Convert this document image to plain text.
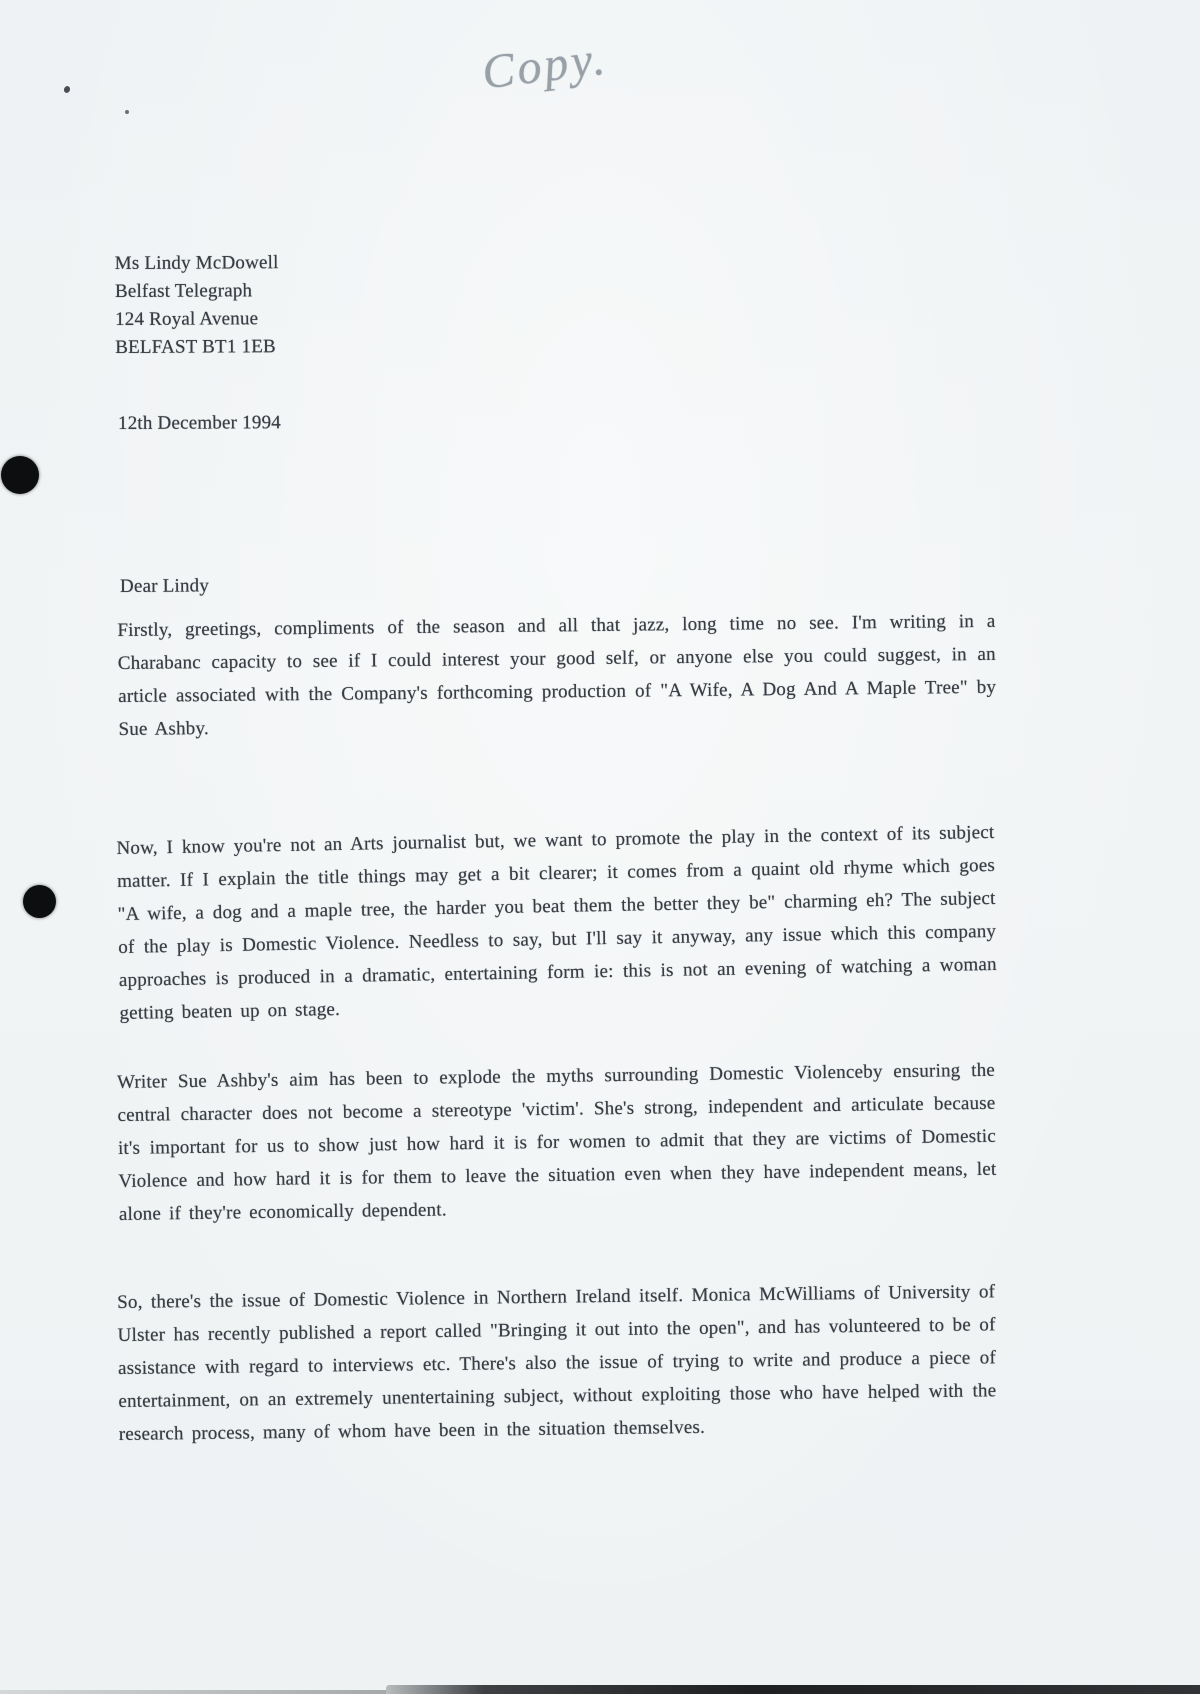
Copy.
Ms Lindy McDowell
Belfast Telegraph
124 Royal Avenue
BELFAST BT1 1EB
12th December 1994
Dear Lindy
Firstly, greetings, compliments of the season and all that jazz, long time no see. I'm writing in a Charabanc capacity to see if I could interest your good self, or anyone else you could suggest, in an article associated with the Company's forthcoming production of "A Wife, A Dog And A Maple Tree" by Sue Ashby.
Now, I know you're not an Arts journalist but, we want to promote the play in the context of its subject matter. If I explain the title things may get a bit clearer; it comes from a quaint old rhyme which goes "A wife, a dog and a maple tree, the harder you beat them the better they be" charming eh? The subject of the play is Domestic Violence. Needless to say, but I'll say it anyway, any issue which this company approaches is produced in a dramatic, entertaining form ie: this is not an evening of watching a woman getting beaten up on stage.
Writer Sue Ashby's aim has been to explode the myths surrounding Domestic Violenceby ensuring the central character does not become a stereotype 'victim'. She's strong, independent and articulate because it's important for us to show just how hard it is for women to admit that they are victims of Domestic Violence and how hard it is for them to leave the situation even when they have independent means, let alone if they're economically dependent.
So, there's the issue of Domestic Violence in Northern Ireland itself. Monica McWilliams of University of Ulster has recently published a report called "Bringing it out into the open", and has volunteered to be of assistance with regard to interviews etc. There's also the issue of trying to write and produce a piece of entertainment, on an extremely unentertaining subject, without exploiting those who have helped with the research process, many of whom have been in the situation themselves.
